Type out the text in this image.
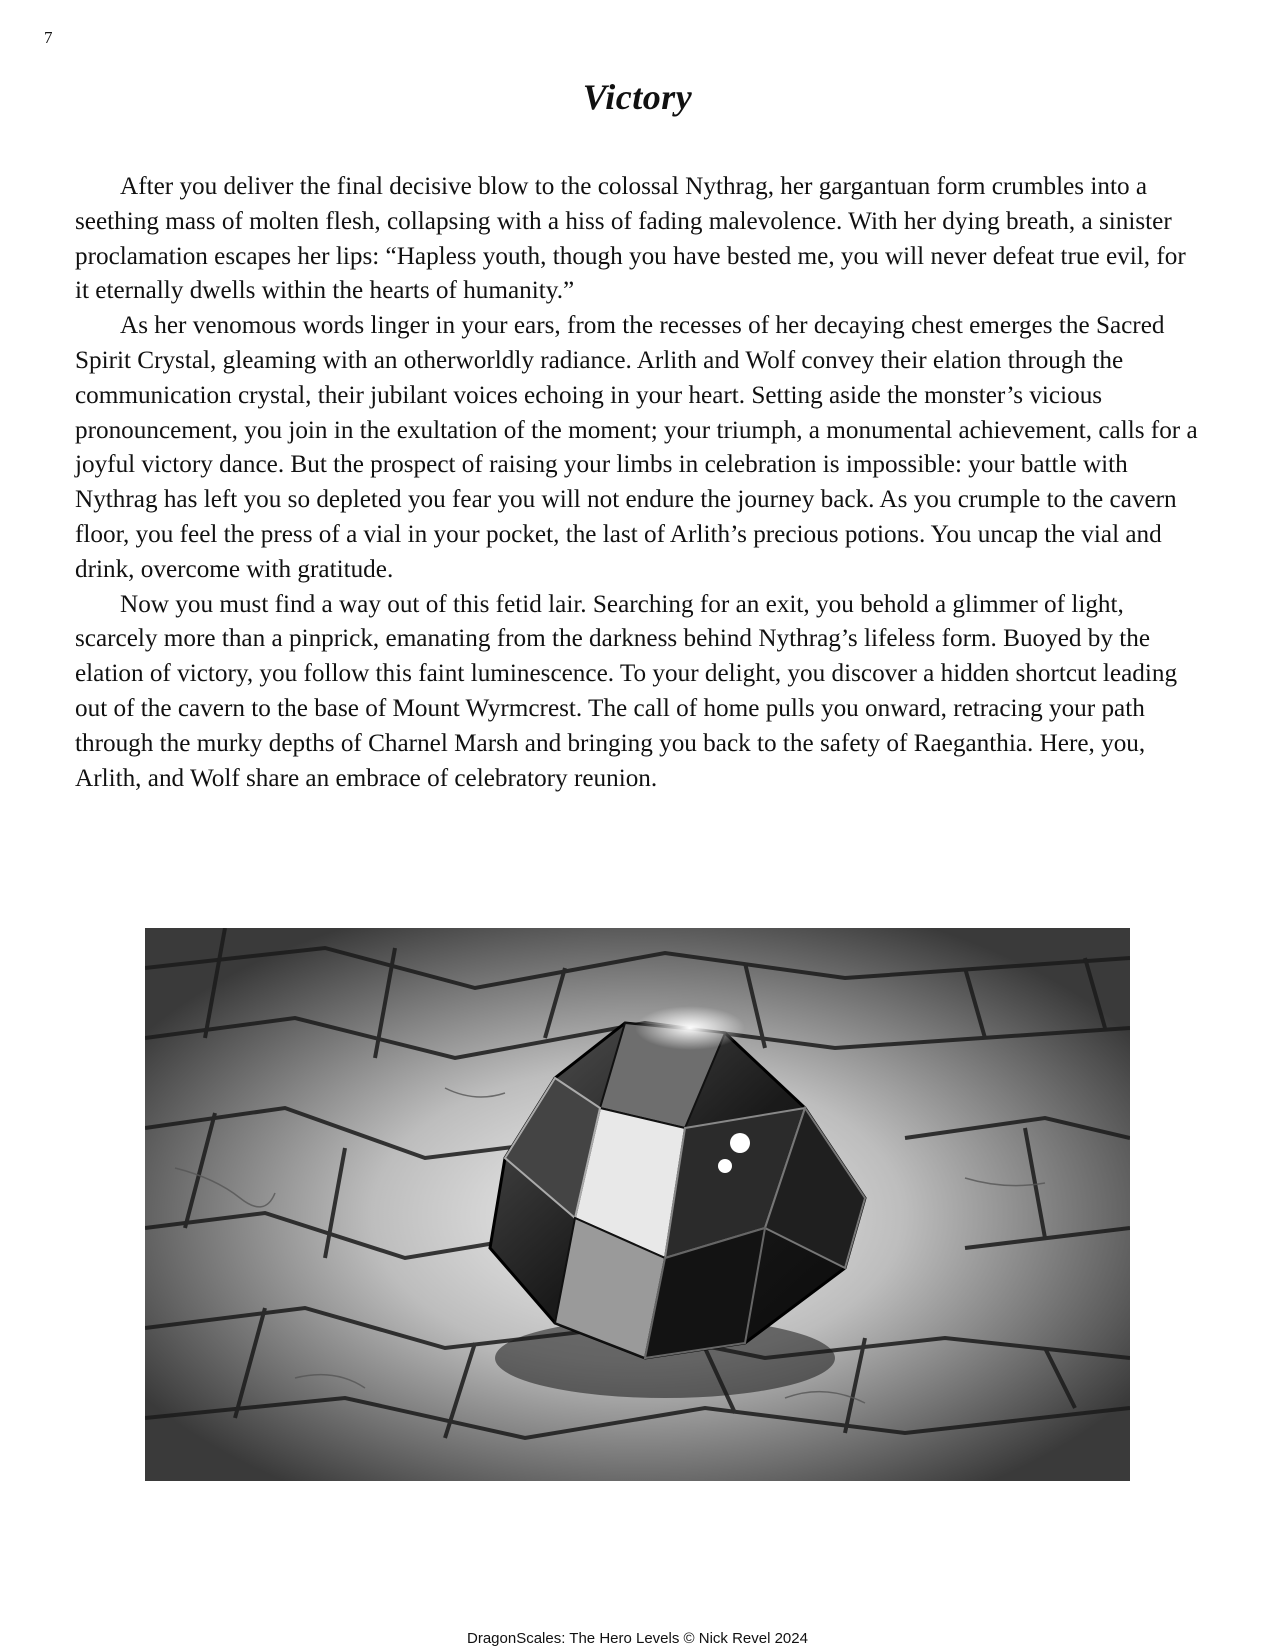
7
Victory

After you deliver the final decisive blow to the colossal Nythrag, her gargantuan form crumbles into a seething mass of molten flesh, collapsing with a hiss of fading malevolence. With her dying breath, a sinister proclamation escapes her lips: “Hapless youth, though you have bested me, you will never defeat true evil, for it eternally dwells within the hearts of humanity.”

As her venomous words linger in your ears, from the recesses of her decaying chest emerges the Sacred Spirit Crystal, gleaming with an otherworldly radiance. Arlith and Wolf convey their elation through the communication crystal, their jubilant voices echoing in your heart. Setting aside the monster’s vicious pronouncement, you join in the exultation of the moment; your triumph, a monumental achievement, calls for a joyful victory dance. But the prospect of raising your limbs in celebration is impossible: your battle with Nythrag has left you so depleted you fear you will not endure the journey back. As you crumple to the cavern floor, you feel the press of a vial in your pocket, the last of Arlith’s precious potions. You uncap the vial and drink, overcome with gratitude.

Now you must find a way out of this fetid lair. Searching for an exit, you behold a glimmer of light, scarcely more than a pinprick, emanating from the darkness behind Nythrag’s lifeless form. Buoyed by the elation of victory, you follow this faint luminescence. To your delight, you discover a hidden shortcut leading out of the cavern to the base of Mount Wyrmcrest. The call of home pulls you onward, retracing your path through the murky depths of Charnel Marsh and bringing you back to the safety of Raeganthia. Here, you, Arlith, and Wolf share an embrace of celebratory reunion.

DragonScales: The Hero Levels © Nick Revel 2024
